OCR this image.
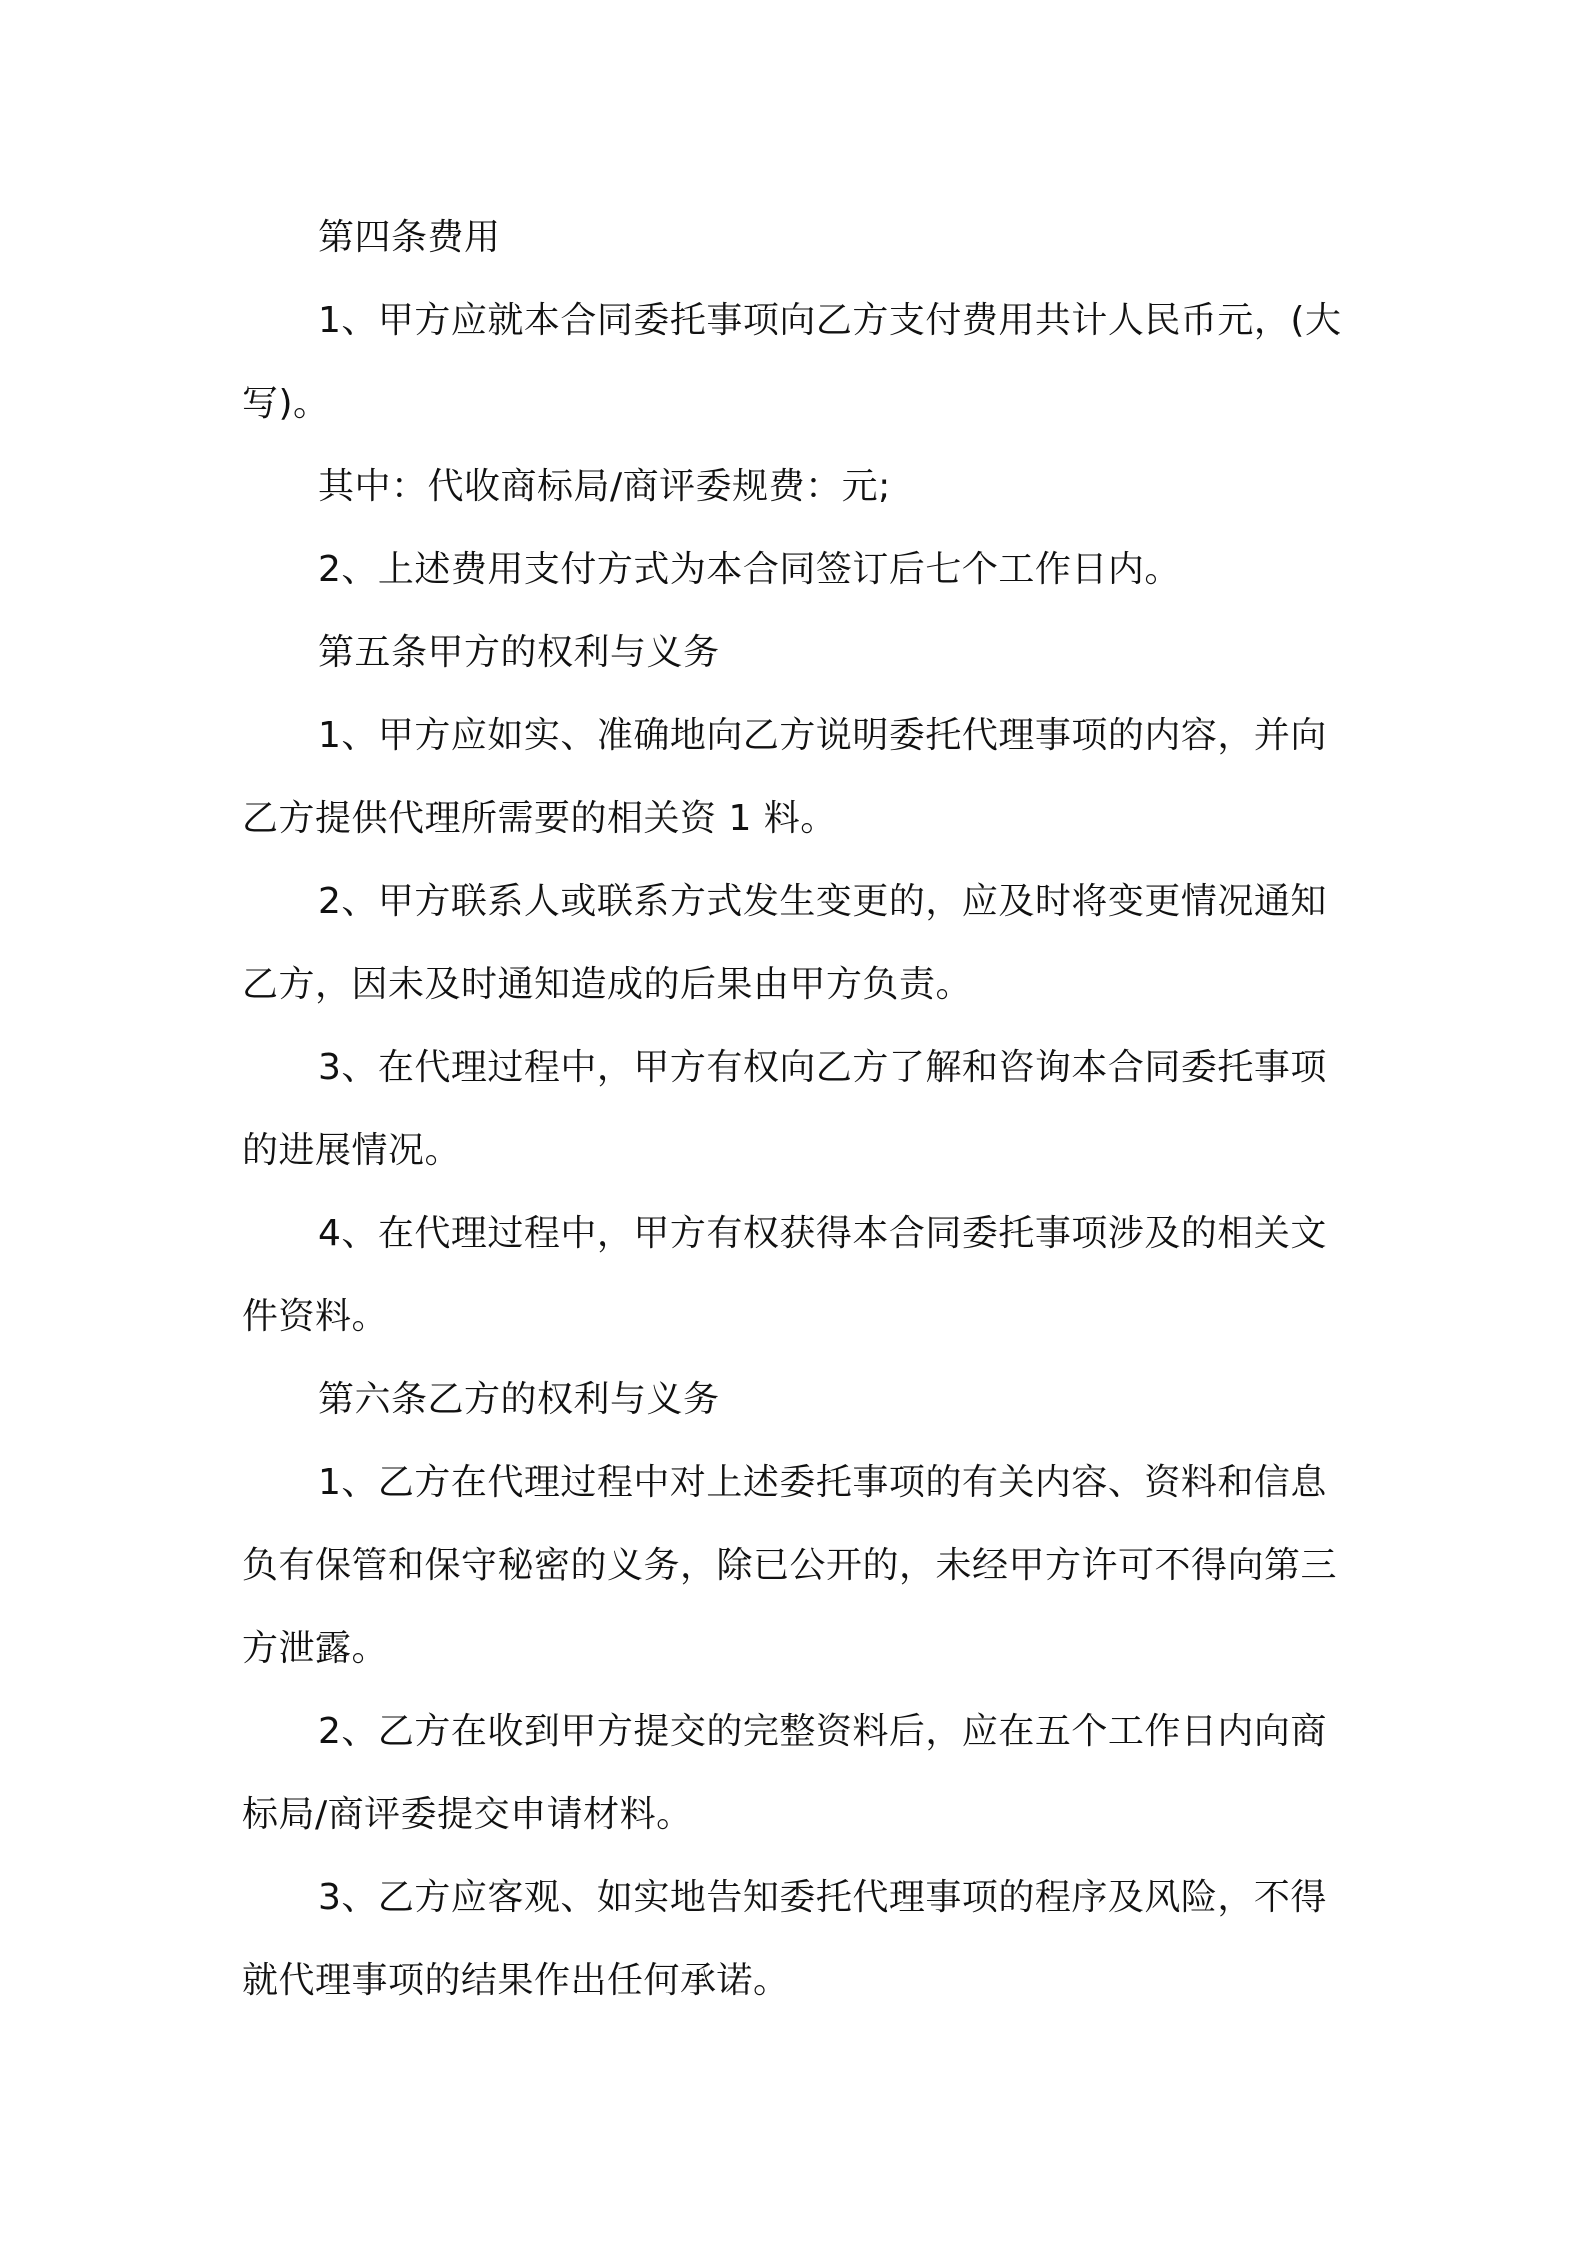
第四条费用

1、甲方应就本合同委托事项向乙方支付费用共计人民币元，(大写)。

其中：代收商标局/商评委规费：元;

2、上述费用支付方式为本合同签订后七个工作日内。

第五条甲方的权利与义务

1、甲方应如实、准确地向乙方说明委托代理事项的内容，并向乙方提供代理所需要的相关资 1 料。

2、甲方联系人或联系方式发生变更的，应及时将变更情况通知乙方，因未及时通知造成的后果由甲方负责。

3、在代理过程中，甲方有权向乙方了解和咨询本合同委托事项的进展情况。

4、在代理过程中，甲方有权获得本合同委托事项涉及的相关文件资料。

第六条乙方的权利与义务

1、乙方在代理过程中对上述委托事项的有关内容、资料和信息负有保管和保守秘密的义务，除已公开的，未经甲方许可不得向第三方泄露。

2、乙方在收到甲方提交的完整资料后，应在五个工作日内向商标局/商评委提交申请材料。

3、乙方应客观、如实地告知委托代理事项的程序及风险，不得就代理事项的结果作出任何承诺。
